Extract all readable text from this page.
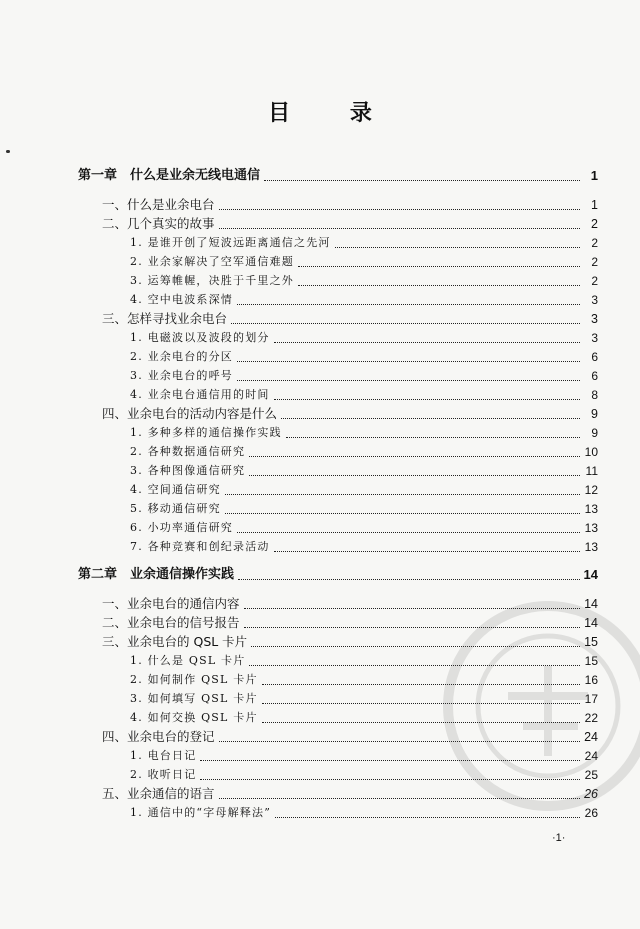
目 录
第一章　什么是业余无线电通信	1
一、什么是业余电台	1
二、几个真实的故事	2
1. 是谁开创了短波远距离通信之先河	2
2. 业余家解决了空军通信难题	2
3. 运筹帷幄，决胜于千里之外	2
4. 空中电波系深情	3
三、怎样寻找业余电台	3
1. 电磁波以及波段的划分	3
2. 业余电台的分区	6
3. 业余电台的呼号	6
4. 业余电台通信用的时间	8
四、业余电台的活动内容是什么	9
1. 多种多样的通信操作实践	9
2. 各种数据通信研究	10
3. 各种图像通信研究	11
4. 空间通信研究	12
5. 移动通信研究	13
6. 小功率通信研究	13
7. 各种竞赛和创纪录活动	13
第二章　业余通信操作实践	14
一、业余电台的通信内容	14
二、业余电台的信号报告	14
三、业余电台的 QSL 卡片	15
1. 什么是 QSL 卡片	15
2. 如何制作 QSL 卡片	16
3. 如何填写 QSL 卡片	17
4. 如何交换 QSL 卡片	22
四、业余电台的登记	24
1. 电台日记	24
2. 收听日记	25
五、业余通信的语言	26
1. 通信中的“字母解释法”	26
·1·
